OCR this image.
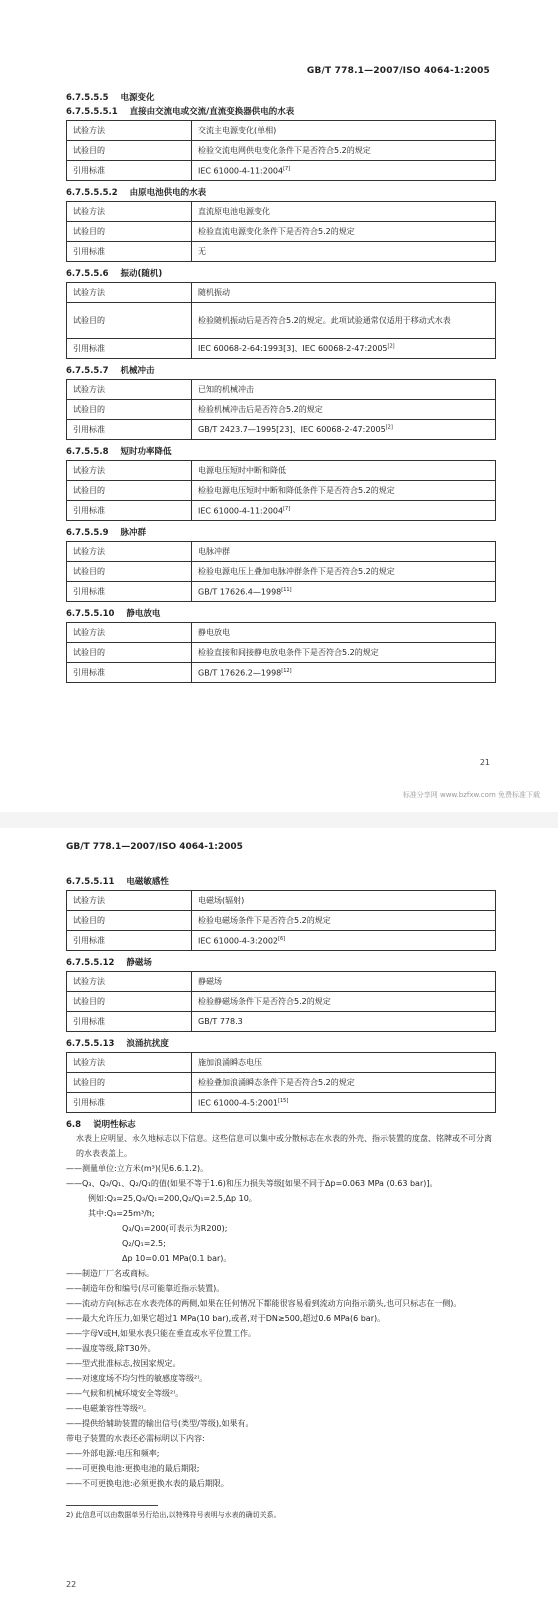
GB/T 778.1—2007/ISO 4064-1:2005

6.7.5.5.5 电源变化

6.7.5.5.5.1 直接由交流电或交流/直流变换器供电的水表

试验方法	交流主电源变化(单相)
试验目的	检验交流电网供电变化条件下是否符合5.2的规定
引用标准	IEC 61000-4-11:2004[7]

6.7.5.5.5.2 由原电池供电的水表

试验方法	直流原电池电源变化
试验目的	检验直流电源变化条件下是否符合5.2的规定
引用标准	无

6.7.5.5.6 振动(随机)

试验方法	随机振动
试验目的	检验随机振动后是否符合5.2的规定。此项试验通常仅适用于移动式水表
引用标准	IEC 60068-2-64:1993[3]、IEC 60068-2-47:2005[2]

6.7.5.5.7 机械冲击

试验方法	已知的机械冲击
试验目的	检验机械冲击后是否符合5.2的规定
引用标准	GB/T 2423.7—1995[23]、IEC 60068-2-47:2005[2]

6.7.5.5.8 短时功率降低

试验方法	电源电压短时中断和降低
试验目的	检验电源电压短时中断和降低条件下是否符合5.2的规定
引用标准	IEC 61000-4-11:2004[7]

6.7.5.5.9 脉冲群

试验方法	电脉冲群
试验目的	检验电源电压上叠加电脉冲群条件下是否符合5.2的规定
引用标准	GB/T 17626.4—1998[11]

6.7.5.5.10 静电放电

试验方法	静电放电
试验目的	检验直接和间接静电放电条件下是否符合5.2的规定
引用标准	GB/T 17626.2—1998[12]
21
标准分享网 www.bzfxw.com 免费标准下载
GB/T 778.1—2007/ISO 4064-1:2005

6.7.5.5.11 电磁敏感性

试验方法	电磁场(辐射)
试验目的	检验电磁场条件下是否符合5.2的规定
引用标准	IEC 61000-4-3:2002[6]

6.7.5.5.12 静磁场

试验方法	静磁场
试验目的	检验静磁场条件下是否符合5.2的规定
引用标准	GB/T 778.3

6.7.5.5.13 浪涌抗扰度

试验方法	施加浪涌瞬态电压
试验目的	检验叠加浪涌瞬态条件下是否符合5.2的规定
引用标准	IEC 61000-4-5:2001[15]

6.8 说明性标志

水表上应明显、永久地标志以下信息。这些信息可以集中或分散标志在水表的外壳、指示装置的度盘、铭牌或不可分离的水表表盖上。

——测量单位:立方米(m³)(见6.6.1.2)。

——Q₃、Q₃/Q₁、Q₂/Q₁的值(如果不等于1.6)和压力损失等级[如果不同于Δp=0.063 MPa (0.63 bar)]。

例如:Q₃=25,Q₃/Q₁=200,Q₂/Q₁=2.5,Δp 10。

其中:Q₃=25m³/h;

Q₃/Q₁=200(可表示为R200);

Q₂/Q₁=2.5;

Δp 10=0.01 MPa(0.1 bar)。

——制造厂厂名或商标。

——制造年份和编号(尽可能靠近指示装置)。

——流动方向(标志在水表壳体的两侧,如果在任何情况下都能很容易看到流动方向指示箭头,也可只标志在一侧)。

——最大允许压力,如果它超过1 MPa(10 bar),或者,对于DN≥500,超过0.6 MPa(6 bar)。

——字母V或H,如果水表只能在垂直或水平位置工作。

——温度等级,除T30外。

——型式批准标志,按国家规定。

——对速度场不均匀性的敏感度等级²⁾。

——气候和机械环境安全等级²⁾。

——电磁兼容性等级²⁾。

——提供给辅助装置的输出信号(类型/等级),如果有。

带电子装置的水表还必需标明以下内容:

——外部电源:电压和频率;

——可更换电池:更换电池的最后期限;

——不可更换电池:必须更换水表的最后期限。

2) 此信息可以由数据单另行给出,以特殊符号表明与水表的确切关系。
22
